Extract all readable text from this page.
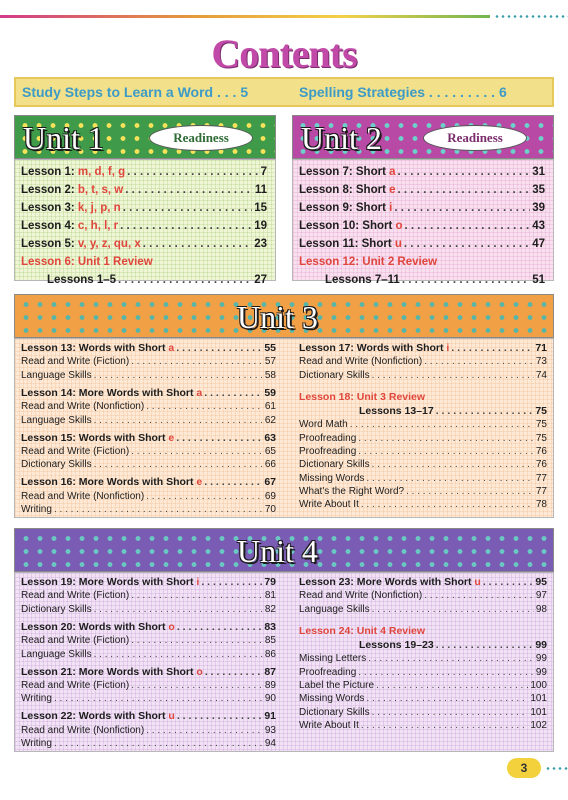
Contents
Study Steps to Learn a Word . . . 5	Spelling Strategies . . . . . . . . . 6
Unit 1	Readiness
Lesson 1: m, d, f, g . . .	7
Lesson 2: b, t, s, w . . .	11
Lesson 3: k, j, p, n . . .	15
Lesson 4: c, h, l, r . . .	19
Lesson 5: v, y, z, qu, x . . .	23
Lesson 6: Unit 1 Review
Lessons 1–5 . . .	27
Unit 2	Readiness
Lesson 7: Short a . . .	31
Lesson 8: Short e . . .	35
Lesson 9: Short i . . .	39
Lesson 10: Short o . . .	43
Lesson 11: Short u . . .	47
Lesson 12: Unit 2 Review
Lessons 7–11 . . .	51
Unit 3
Lesson 13: Words with Short a . . .	55
Read and Write (Fiction) . . .	57
Language Skills . . .	58
Lesson 14: More Words with Short a . . .	59
Read and Write (Nonfiction) . . .	61
Language Skills . . .	62
Lesson 15: Words with Short e . . .	63
Read and Write (Fiction) . . .	65
Dictionary Skills . . .	66
Lesson 16: More Words with Short e . . .	67
Read and Write (Nonfiction) . . .	69
Writing . . .	70
Lesson 17: Words with Short i . . .	71
Read and Write (Nonfiction) . . .	73
Dictionary Skills . . .	74
Lesson 18: Unit 3 Review
Lessons 13–17 . . .	75
Word Math . . .	75
Proofreading . . .	75
Proofreading . . .	76
Dictionary Skills . . .	76
Missing Words . . .	77
What's the Right Word? . . .	77
Write About It . . .	78
Unit 4
Lesson 19: More Words with Short i . . .	79
Read and Write (Fiction) . . .	81
Dictionary Skills . . .	82
Lesson 20: Words with Short o . . .	83
Read and Write (Fiction) . . .	85
Language Skills . . .	86
Lesson 21: More Words with Short o . . .	87
Read and Write (Fiction) . . .	89
Writing . . .	90
Lesson 22: Words with Short u . . .	91
Read and Write (Nonfiction) . . .	93
Writing . . .	94
Lesson 23: More Words with Short u . . .	95
Read and Write (Nonfiction) . . .	97
Language Skills . . .	98
Lesson 24: Unit 4 Review
Lessons 19–23 . . .	99
Missing Letters . . .	99
Proofreading . . .	99
Label the Picture . . .	100
Missing Words . . .	101
Dictionary Skills . . .	101
Write About It . . .	102
3
